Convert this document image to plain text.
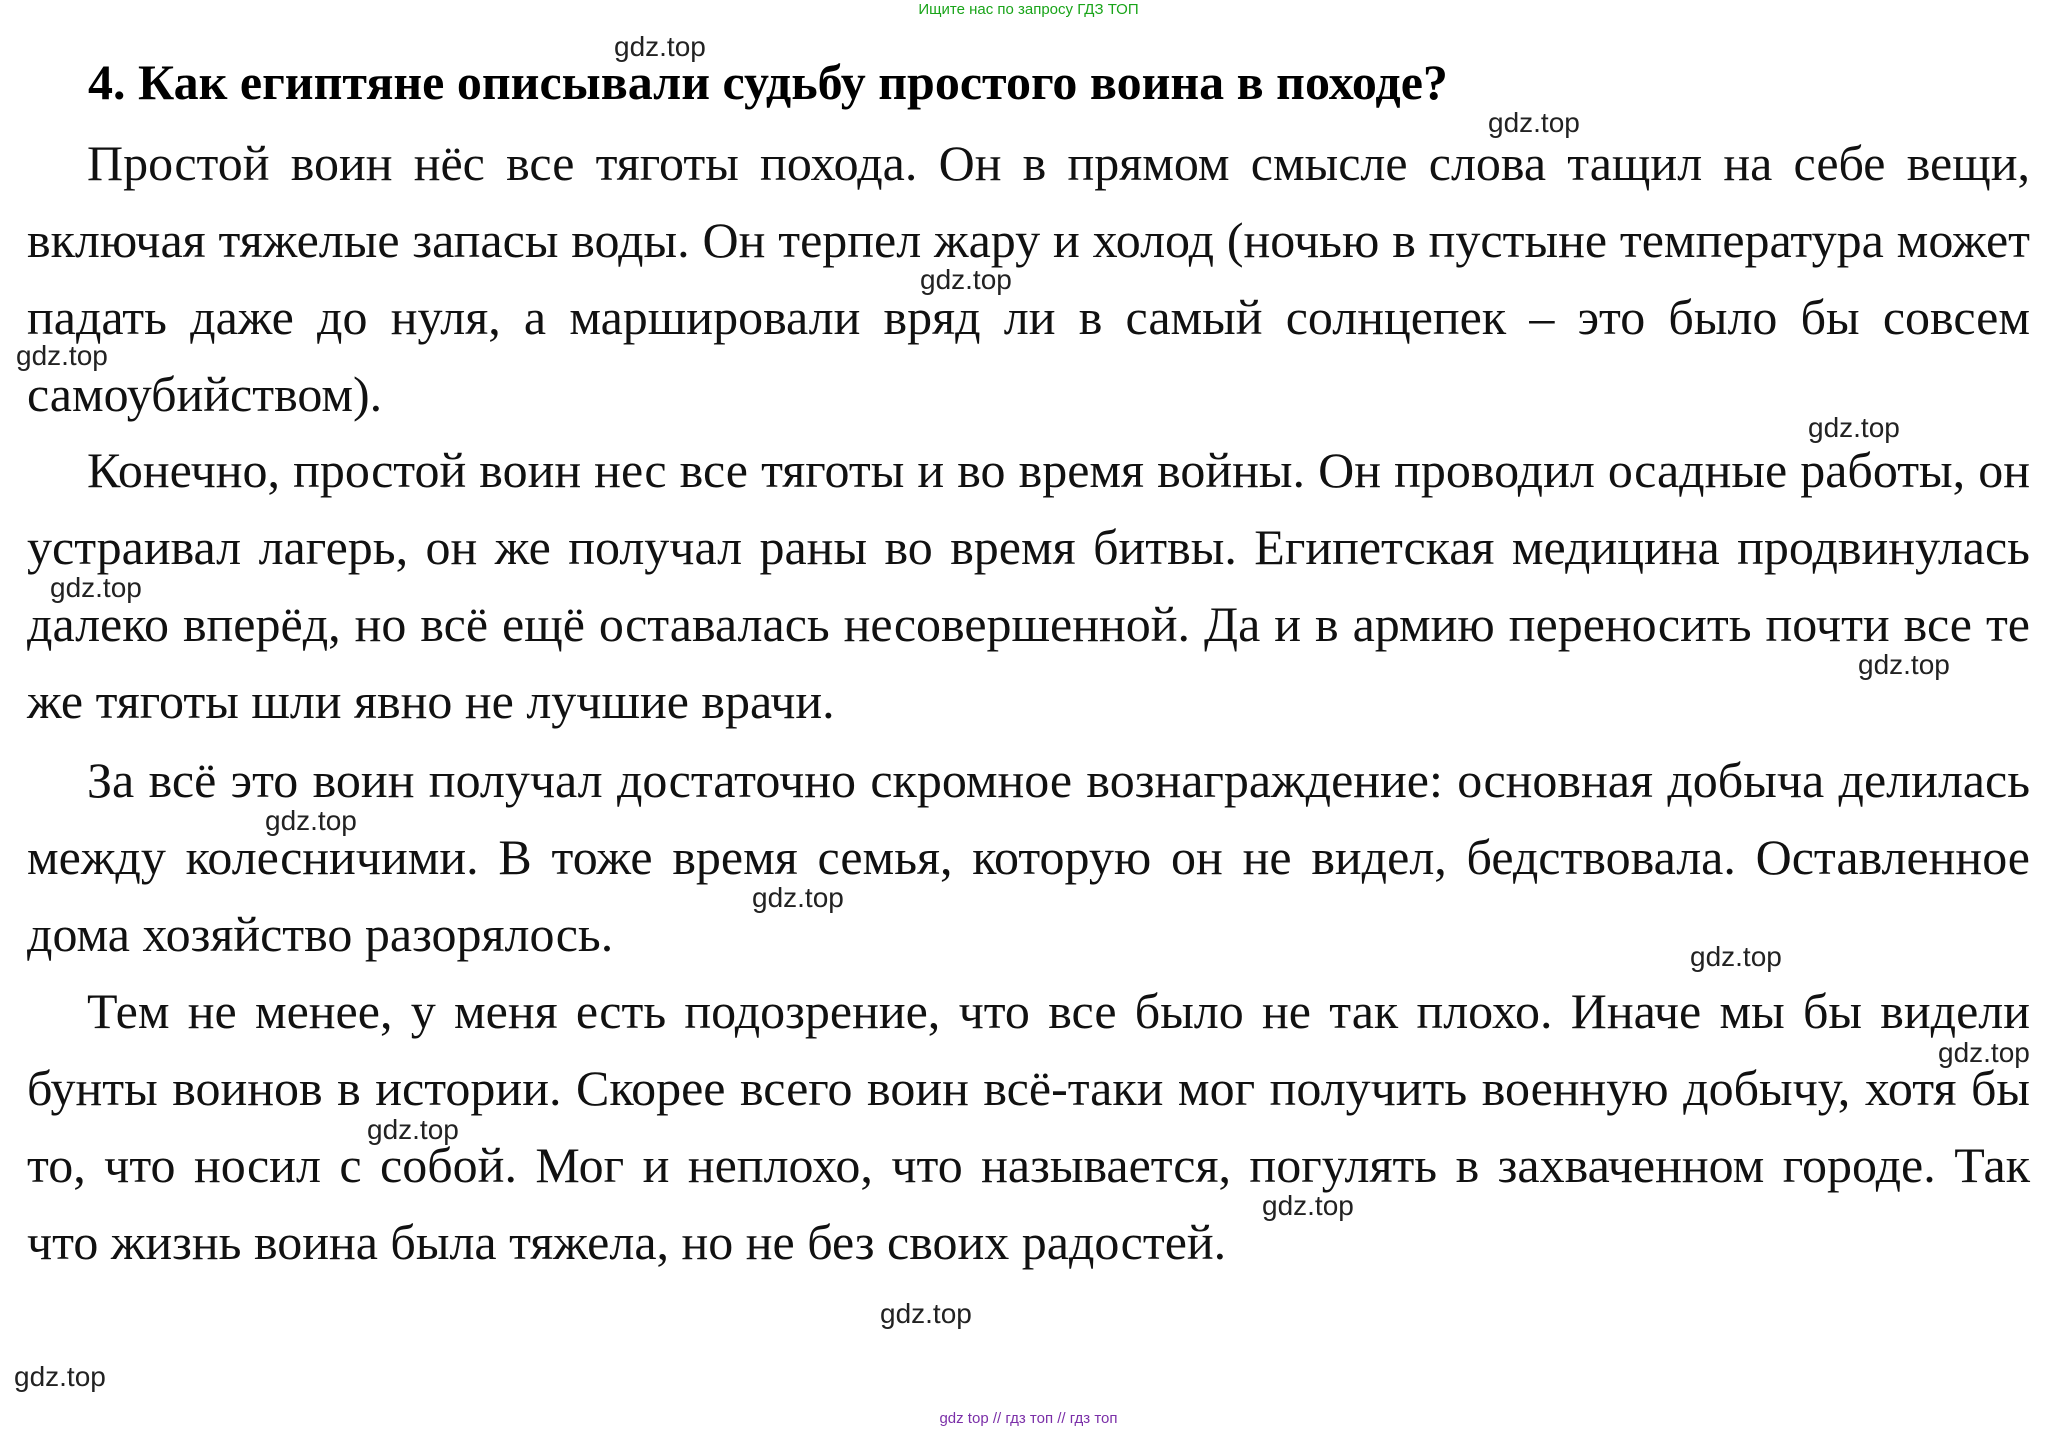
Ищите нас по запросу ГДЗ ТОП
4. Как египтяне описывали судьбу простого воина в походе?

Простой воин нёс все тяготы похода. Он в прямом смысле слова тащил на себе вещи, включая тяжелые запасы воды. Он терпел жару и холод (ночью в пустыне температура может падать даже до нуля, а маршировали вряд ли в самый солнцепек – это было бы совсем самоубийством).

Конечно, простой воин нес все тяготы и во время войны. Он проводил осадные работы, он устраивал лагерь, он же получал раны во время битвы. Египетская медицина продвинулась далеко вперёд, но всё ещё оставалась несовершенной. Да и в армию переносить почти все те же тяготы шли явно не лучшие врачи.

За всё это воин получал достаточно скромное вознаграждение: основная добыча делилась между колесничими. В тоже время семья, которую он не видел, бедствовала. Оставленное дома хозяйство разорялось.

Тем не менее, у меня есть подозрение, что все было не так плохо. Иначе мы бы видели бунты воинов в истории. Скорее всего воин всё-таки мог получить военную добычу, хотя бы то, что носил с собой. Мог и неплохо, что называется, погулять в захваченном городе. Так что жизнь воина была тяжела, но не без своих радостей.

gdz.top
gdz.top
gdz.top
gdz.top
gdz.top
gdz.top
gdz.top
gdz.top
gdz.top
gdz.top
gdz.top
gdz.top
gdz.top
gdz.top
gdz.top
gdz top // гдз топ // гдз топ
